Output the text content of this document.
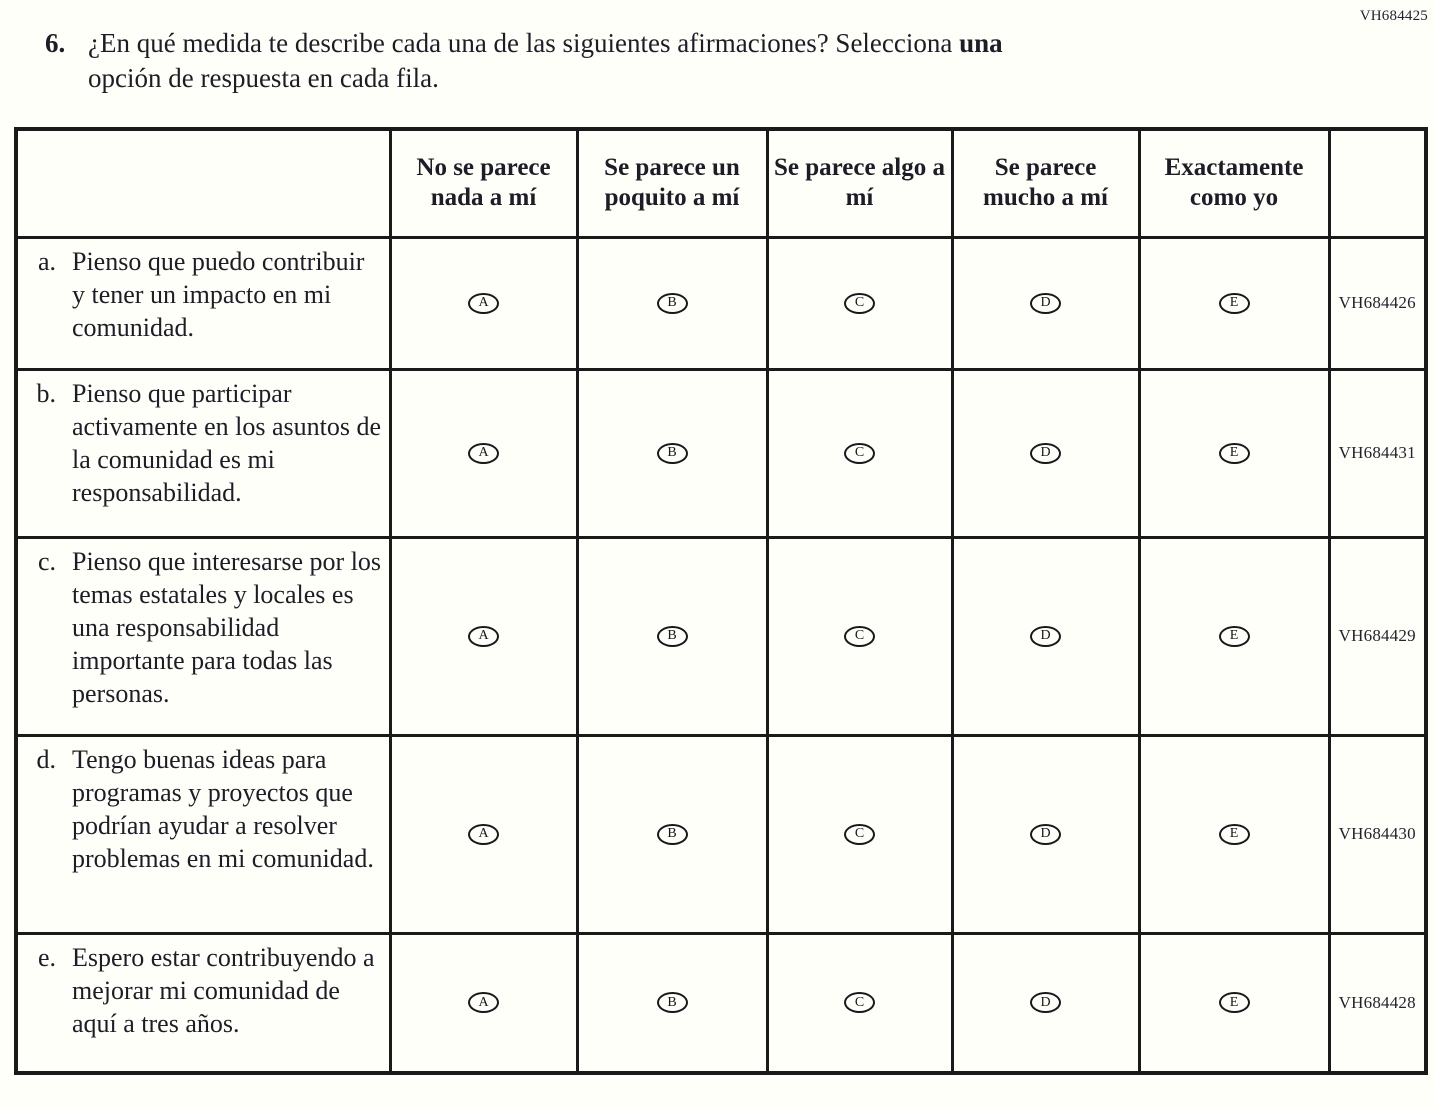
VH684425
6. ¿En qué medida te describe cada una de las siguientes afirmaciones? Selecciona una
opción de respuesta en cada fila.
	No se parece nada a mí	Se parece un poquito a mí	Se parece algo a mí	Se parece mucho a mí	Exactamente como yo	

a. Pienso que puedo contribuir y tener un impacto en mi comunidad.	A	B	C	D	E	VH684426

b. Pienso que participar activamente en los asuntos de la comunidad es mi responsabilidad.	A	B	C	D	E	VH684431

c. Pienso que interesarse por los temas estatales y locales es una responsabilidad importante para todas las personas.	A	B	C	D	E	VH684429

d. Tengo buenas ideas para programas y proyectos que podrían ayudar a resolver problemas en mi comunidad.	A	B	C	D	E	VH684430

e. Espero estar contribuyendo a mejorar mi comunidad de aquí a tres años.	A	B	C	D	E	VH684428
